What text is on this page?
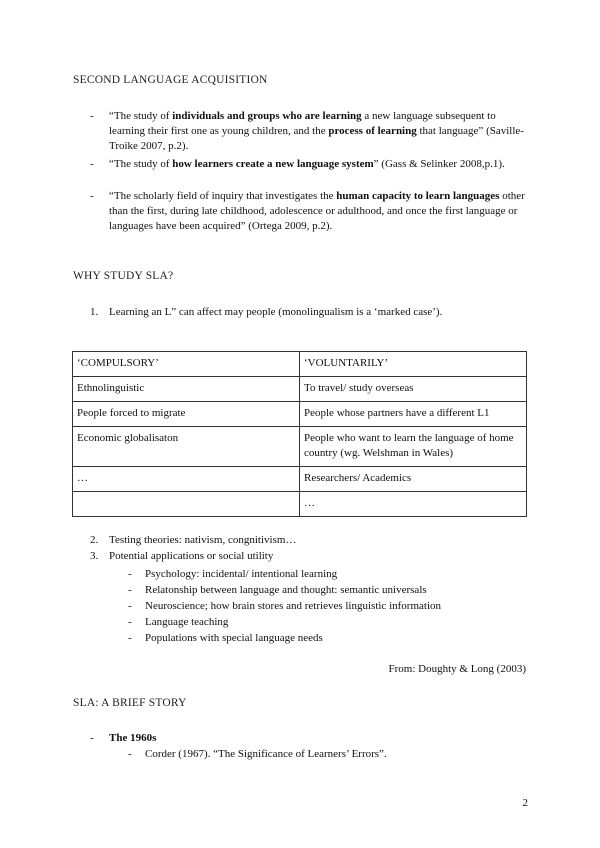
SECOND LANGUAGE ACQUISITION
- “The study of individuals and groups who are learning a new language subsequent to learning their first one as young children, and the process of learning that language” (Saville-Troike 2007, p.2).
- “The study of how learners create a new language system” (Gass & Selinker 2008,p.1).
- “The scholarly field of inquiry that investigates the human capacity to learn languages other than the first, during late childhood, adolescence or adulthood, and once the first language or languages have been acquired” (Ortega 2009, p.2).
WHY STUDY SLA?
1. Learning an L” can affect may people (monolingualism is a ‘marked case’).
‘COMPULSORY’	‘VOLUNTARILY’
Ethnolinguistic	To travel/ study overseas
People forced to migrate	People whose partners have a different L1
Economic globalisaton	People who want to learn the language of home country (wg. Welshman in Wales)
…	Researchers/ Academics
	…
2. Testing theories: nativism, congnitivism…
3. Potential applications or social utility
- Psychology: incidental/ intentional learning
- Relatonship between language and thought: semantic universals
- Neuroscience; how brain stores and retrieves linguistic information
- Language teaching
- Populations with special language needs
From: Doughty & Long (2003)
SLA: A BRIEF STORY
- The 1960s
- Corder (1967). “The Significance of Learners’ Errors”.
2
